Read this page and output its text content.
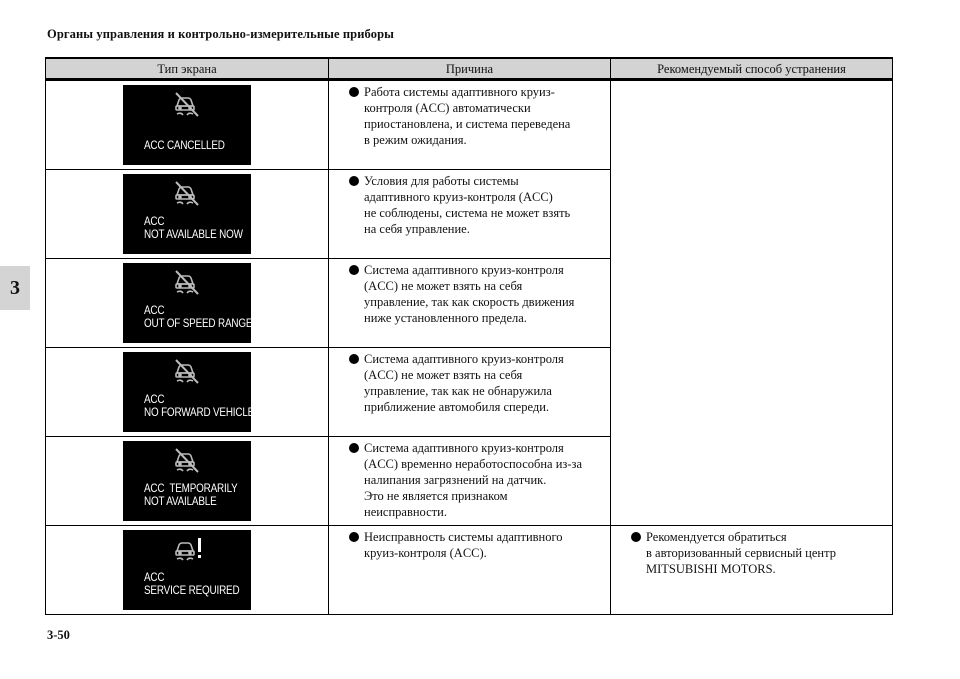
Органы управления и контрольно-измерительные приборы
3
Тип экрана	Причина	Рекомендуемый способ устранения

ACC CANCELLED	Работа системы адаптивного круиз-
контроля (ACC) автоматически
приостановлена, и система переведена
в режим ожидания.	

ACC
NOT AVAILABLE NOW	Условия для работы системы
адаптивного круиз-контроля (ACC)
не соблюдены, система не может взять
на себя управление.	

ACC
OUT OF SPEED RANGE	Система адаптивного круиз-контроля
(ACC) не может взять на себя
управление, так как скорость движения
ниже установленного предела.	

ACC
NO FORWARD VEHICLE	Система адаптивного круиз-контроля
(ACC) не может взять на себя
управление, так как не обнаружила
приближение автомобиля спереди.	

ACC  TEMPORARILY
NOT AVAILABLE	Система адаптивного круиз-контроля
(ACC) временно неработоспособна из-за
налипания загрязнений на датчик.
Это не является признаком
неисправности.	

ACC
SERVICE REQUIRED	Неисправность системы адаптивного
круиз-контроля (ACC).	Рекомендуется обратиться
в авторизованный сервисный центр
MITSUBISHI MOTORS.
3-50
